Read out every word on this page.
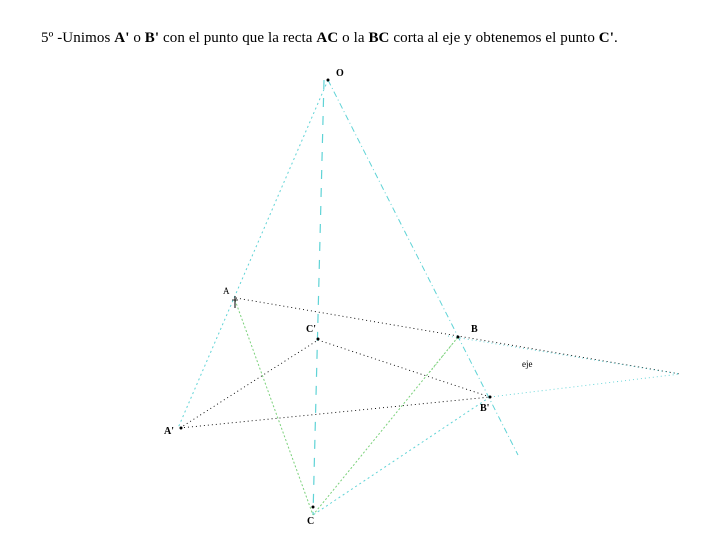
5º -Unimos A' o B' con el punto que la recta AC o la BC corta al eje y obtenemos el punto C'.
O
A
B
C'
eje
B'
A'
C
